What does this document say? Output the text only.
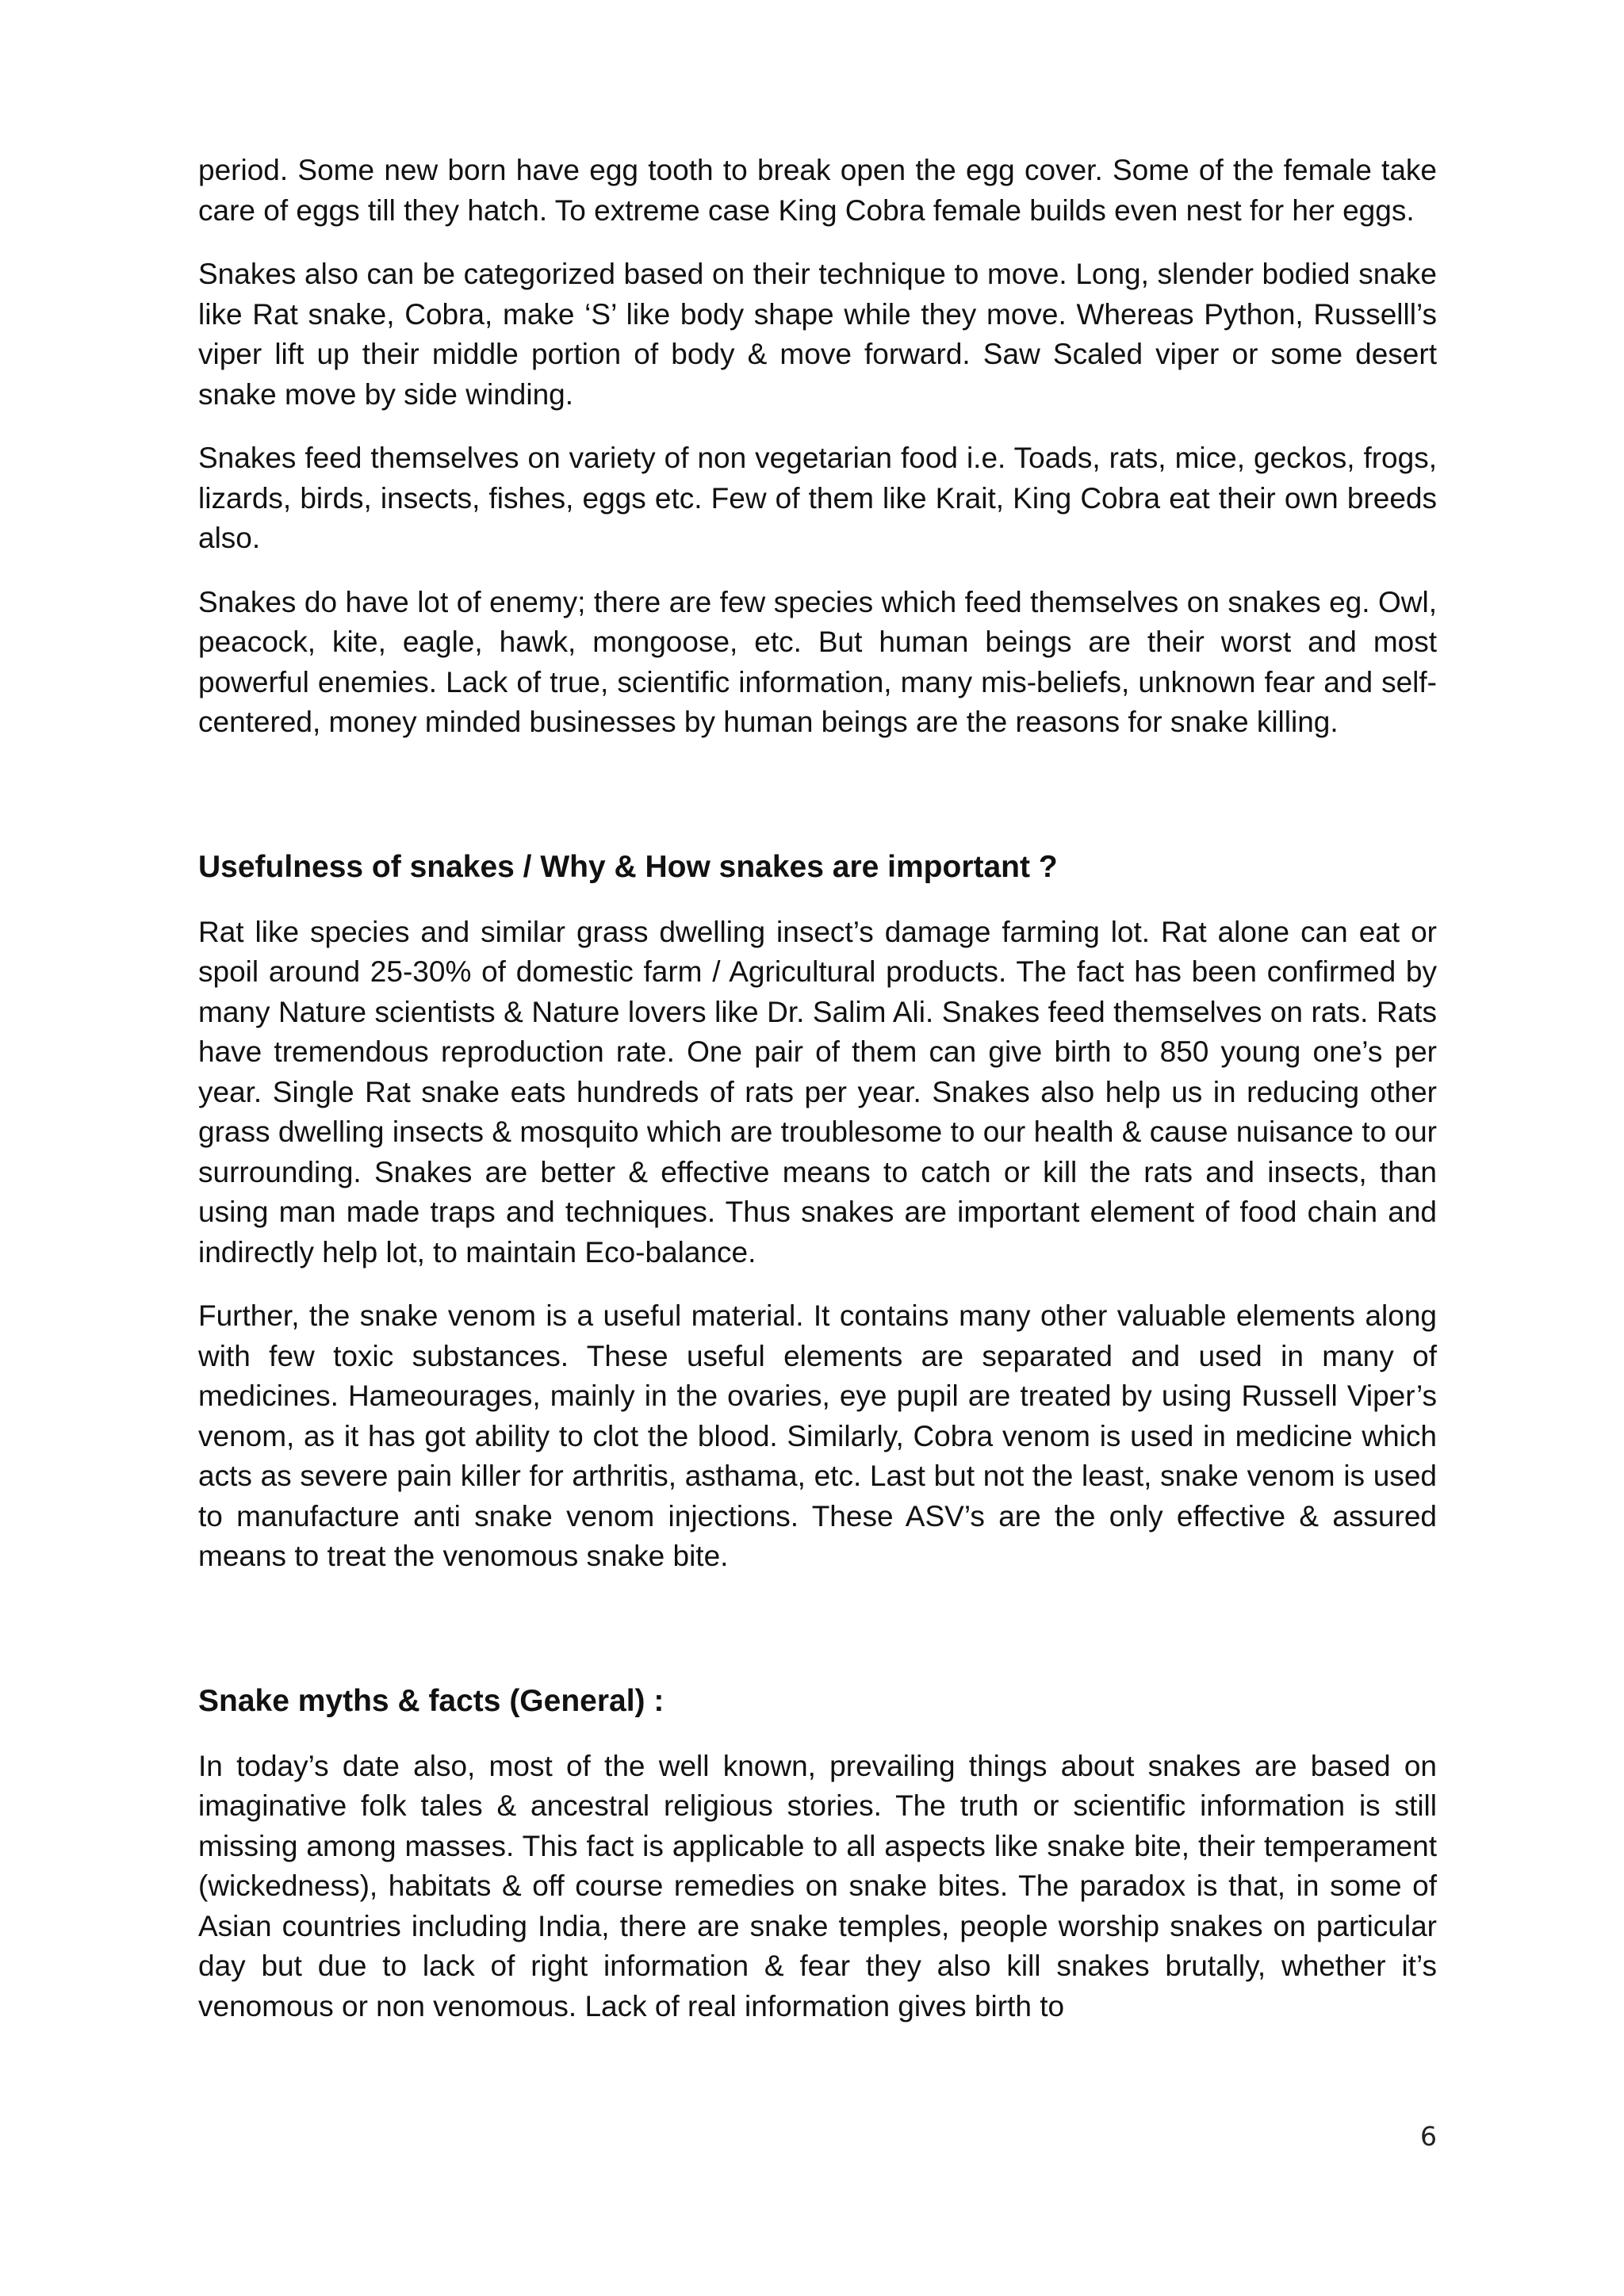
period. Some new born have egg tooth to break open the egg cover. Some of the female take care of eggs till they hatch. To extreme case King Cobra female builds even nest for her eggs.

Snakes also can be categorized based on their technique to move. Long, slender bodied snake like Rat snake, Cobra, make ‘S’ like body shape while they move. Whereas Python, Russelll’s viper lift up their middle portion of body & move forward. Saw Scaled viper or some desert snake move by side winding.

Snakes feed themselves on variety of non vegetarian food i.e. Toads, rats, mice, geckos, frogs, lizards, birds, insects, fishes, eggs etc. Few of them like Krait, King Cobra eat their own breeds also.

Snakes do have lot of enemy; there are few species which feed themselves on snakes eg. Owl, peacock, kite, eagle, hawk, mongoose, etc. But human beings are their worst and most powerful enemies. Lack of true, scientific information, many mis-beliefs, unknown fear and self-centered, money minded businesses by human beings are the reasons for snake killing.

Usefulness of snakes / Why & How snakes are important ?

Rat like species and similar grass dwelling insect’s damage farming lot. Rat alone can eat or spoil around 25-30% of domestic farm / Agricultural products. The fact has been confirmed by many Nature scientists & Nature lovers like Dr. Salim Ali. Snakes feed themselves on rats. Rats have tremendous reproduction rate. One pair of them can give birth to 850 young one’s per year. Single Rat snake eats hundreds of rats per year. Snakes also help us in reducing other grass dwelling insects & mosquito which are troublesome to our health & cause nuisance to our surrounding. Snakes are better & effective means to catch or kill the rats and insects, than using man made traps and techniques. Thus snakes are important element of food chain and indirectly help lot, to maintain Eco-balance.

Further, the snake venom is a useful material. It contains many other valuable elements along with few toxic substances. These useful elements are separated and used in many of medicines. Hameourages, mainly in the ovaries, eye pupil are treated by using Russell Viper’s venom, as it has got ability to clot the blood. Similarly, Cobra venom is used in medicine which acts as severe pain killer for arthritis, asthama, etc. Last but not the least, snake venom is used to manufacture anti snake venom injections. These ASV’s are the only effective & assured means to treat the venomous snake bite.

Snake myths & facts (General) :

In today’s date also, most of the well known, prevailing things about snakes are based on imaginative folk tales & ancestral religious stories. The truth or scientific information is still missing among masses. This fact is applicable to all aspects like snake bite, their temperament (wickedness), habitats & off course remedies on snake bites. The paradox is that, in some of Asian countries including India, there are snake temples, people worship snakes on particular day but due to lack of right information & fear they also kill snakes brutally, whether it’s venomous or non venomous. Lack of real information gives birth to

6
